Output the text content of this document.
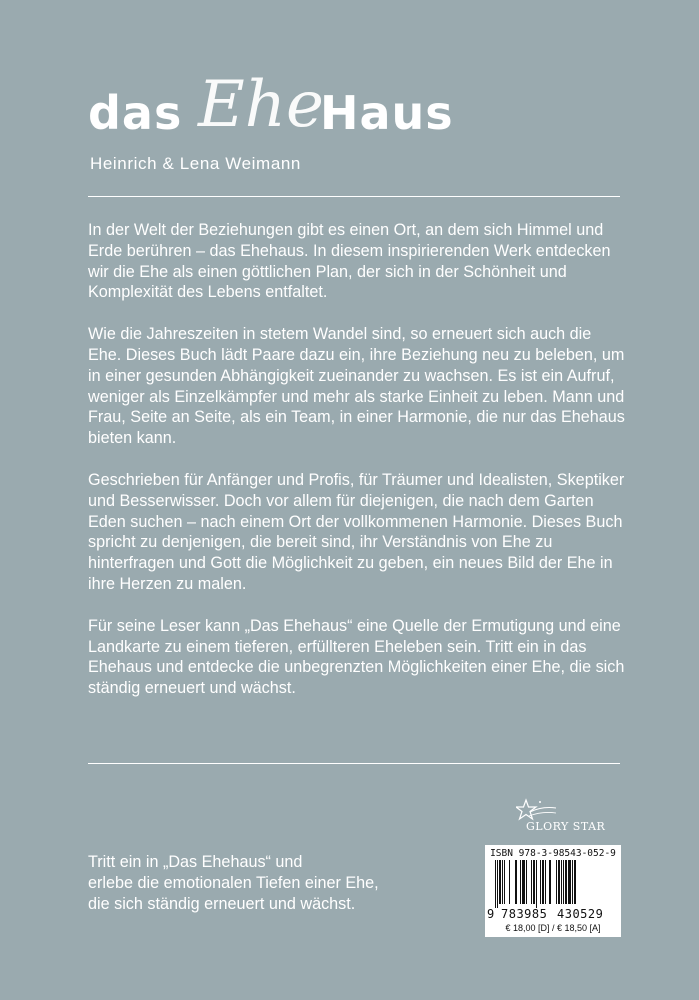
das Ehe
Haus
Heinrich & Lena Weimann

In der Welt der Beziehungen gibt es einen Ort, an dem sich Himmel und Erde berühren – das Ehehaus. In diesem inspirierenden Werk entdecken wir die Ehe als einen göttlichen Plan, der sich in der Schönheit und Komplexität des Lebens entfaltet.

Wie die Jahreszeiten in stetem Wandel sind, so erneuert sich auch die Ehe. Dieses Buch lädt Paare dazu ein, ihre Beziehung neu zu beleben, um in einer gesunden Abhängigkeit zueinander zu wachsen. Es ist ein Aufruf, weniger als Einzelkämpfer und mehr als starke Einheit zu leben. Mann und Frau, Seite an Seite, als ein Team, in einer Harmonie, die nur das Ehehaus bieten kann.

Geschrieben für Anfänger und Profis, für Träumer und Idealisten, Skeptiker und Besserwisser. Doch vor allem für diejenigen, die nach dem Garten Eden suchen – nach einem Ort der vollkommenen Harmonie. Dieses Buch spricht zu denjenigen, die bereit sind, ihr Verständnis von Ehe zu hinterfragen und Gott die Möglichkeit zu geben, ein neues Bild der Ehe in ihre Herzen zu malen.

Für seine Leser kann „Das Ehehaus“ eine Quelle der Ermutigung und eine Landkarte zu einem tieferen, erfüllteren Eheleben sein. Tritt ein in das Ehehaus und entdecke die unbegrenzten Möglichkeiten einer Ehe, die sich ständig erneuert und wächst.

GLORY STAR
Tritt ein in „Das Ehehaus“ und
erlebe die emotionalen Tiefen einer Ehe,
die sich ständig erneuert und wächst.
ISBN 978-3-98543-052-9
9 783985 430529
€ 18,00 [D] / € 18,50 [A]
